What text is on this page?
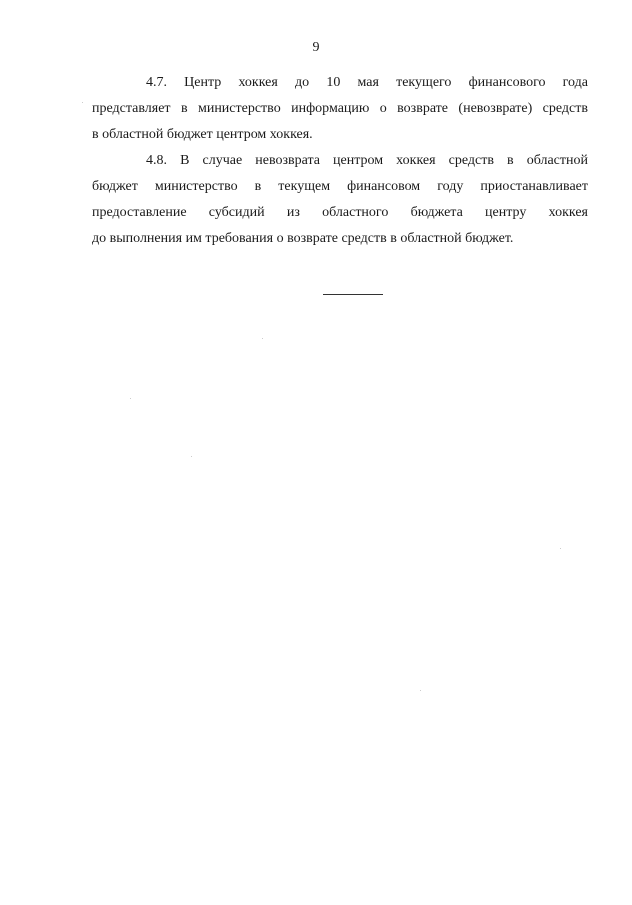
9

4.7. Центр хоккея до 10 мая текущего финансового года
представляет в министерство информацию о возврате (невозврате) средств
в областной бюджет центром хоккея.

4.8. В случае невозврата центром хоккея средств в областной
бюджет министерство в текущем финансовом году приостанавливает
предоставление субсидий из областного бюджета центру хоккея
до выполнения им требования о возврате средств в областной бюджет.
